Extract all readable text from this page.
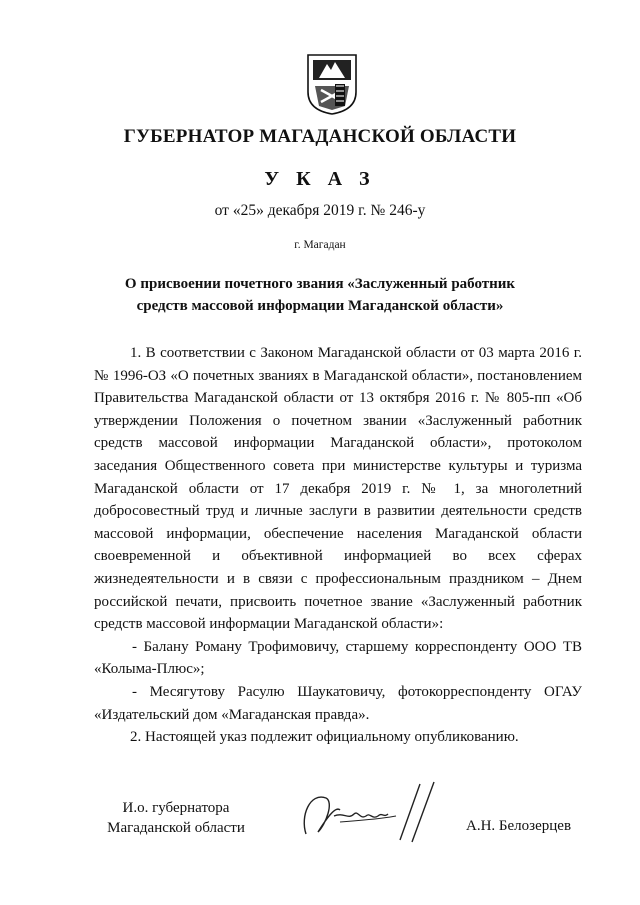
ГУБЕРНАТОР МАГАДАНСКОЙ ОБЛАСТИ
У К А З
от «25» декабря 2019 г. № 246-у
г. Магадан
О присвоении почетного звания «Заслуженный работник
средств массовой информации Магаданской области»

1. В соответствии с Законом Магаданской области от 03 марта 2016 г. № 1996-ОЗ «О почетных званиях в Магаданской области», постановлением Правительства Магаданской области от 13 октября 2016 г. № 805-пп «Об утверждении Положения о почетном звании «Заслуженный работник средств массовой информации Магаданской области», протоколом заседания Общественного совета при министерстве культуры и туризма Магаданской области от 17 декабря 2019 г. № 1, за многолетний добросовестный труд и личные заслуги в развитии деятельности средств массовой информации, обеспечение населения Магаданской области своевременной и объективной информацией во всех сферах жизнедеятельности и в связи с профессиональным праздником – Днем российской печати, присвоить почетное звание «Заслуженный работник средств массовой информации Магаданской области»:

- Балану Роману Трофимовичу, старшему корреспонденту ООО ТВ «Колыма-Плюс»;

- Месягутову Расулю Шаукатовичу, фотокорреспонденту ОГАУ «Издательский дом «Магаданская правда».

2. Настоящей указ подлежит официальному опубликованию.

И.о. губернатора
Магаданской области	А.Н. Белозерцев
